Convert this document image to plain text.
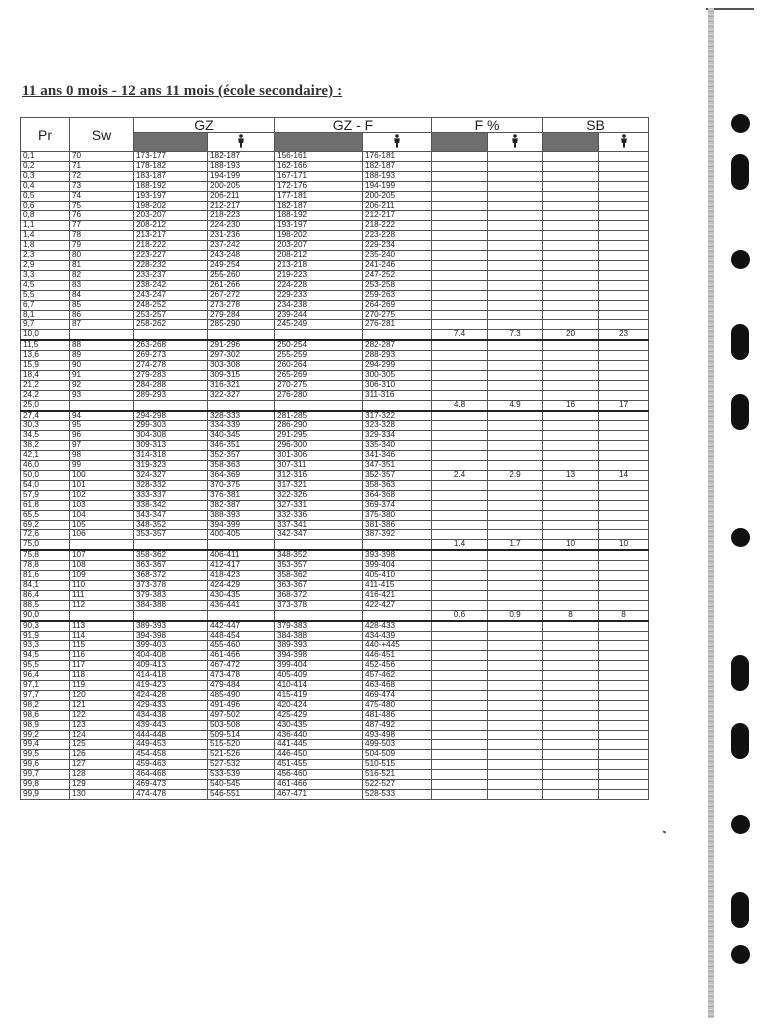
11 ans 0 mois - 12 ans 11 mois (école secondaire) :
Pr	Sw	GZ		GZ - F		F %		SB	

0,1	70	173-177	182-187	156-161	176-181				
0,2	71	178-182	188-193	162-166	182-187				
0,3	72	183-187	194-199	167-171	188-193				
0,4	73	188-192	200-205	172-176	194-199				
0,5	74	193-197	206-211	177-181	200-205				
0,6	75	198-202	212-217	182-187	206-211				
0,8	76	203-207	218-223	188-192	212-217				
1,1	77	208-212	224-230	193-197	218-222				
1,4	78	213-217	231-236	198-202	223-228				
1,8	79	218-222	237-242	203-207	229-234				
2,3	80	223-227	243-248	208-212	235-240				
2,9	81	228-232	249-254	213-218	241-246				
3,3	82	233-237	255-260	219-223	247-252				
4,5	83	238-242	261-266	224-228	253-258				
5,5	84	243-247	267-272	229-233	259-263				
6,7	85	248-252	273-278	234-238	264-269				
8,1	86	253-257	279-284	239-244	270-275				
9,7	87	258-262	285-290	245-249	276-281				
10,0						7.4	7.3	20	23
11,5	88	263-268	291-296	250-254	282-287				
13,6	89	269-273	297-302	255-259	288-293				
15,9	90	274-278	303-308	260-264	294-299				
18,4	91	279-283	309-315	265-269	300-305				
21,2	92	284-288	316-321	270-275	306-310				
24,2	93	289-293	322-327	276-280	311-316				
25,0						4.8	4.9	16	17
27,4	94	294-298	328-333	281-285	317-322				
30,3	95	299-303	334-339	286-290	323-328				
34,5	96	304-308	340-345	291-295	329-334				
38,2	97	309-313	346-351	296-300	335-340				
42,1	98	314-318	352-357	301-306	341-346				
46,0	99	319-323	358-363	307-311	347-351				
50,0	100	324-327	364-369	312-316	352-357	2.4	2.9	13	14
54,0	101	328-332	370-375	317-321	358-363				
57,9	102	333-337	376-381	322-326	364-368				
61,8	103	338-342	382-387	327-331	369-374				
65,5	104	343-347	388-393	332-336	375-380				
69,2	105	348-352	394-399	337-341	381-386				
72,6	106	353-357	400-405	342-347	387-392				
75,0						1.4	1.7	10	10
75,8	107	358-362	406-411	348-352	393-398				
78,8	108	363-367	412-417	353-357	399-404				
81,6	109	368-372	418-423	358-362	405-410				
84,1	110	373-378	424-429	363-367	411-415				
86,4	111	379-383	430-435	368-372	416-421				
88,5	112	384-388	436-441	373-378	422-427				
90,0						0.6	0.9	8	8
90,3	113	389-393	442-447	379-383	428-433				
91,9	114	394-398	448-454	384-388	434-439				
93,3	115	399-403	455-460	389-393	440-+445				
94,5	116	404-408	461-466	394-398	446-451				
95,5	117	409-413	467-472	399-404	452-456				
96,4	118	414-418	473-478	405-409	457-462				
97,1	119	419-423	479-484	410-414	463-468				
97,7	120	424-428	485-490	415-419	469-474				
98,2	121	429-433	491-496	420-424	475-480				
98,6	122	434-438	497-502	425-429	481-486				
98,9	123	439-443	503-508	430-435	487-492				
99,2	124	444-448	509-514	436-440	493-498				
99,4	125	449-453	515-520	441-445	499-503				
99,5	126	454-458	521-526	446-450	504-509				
99,6	127	459-463	527-532	451-455	510-515				
99,7	128	464-468	533-539	456-460	516-521				
99,8	129	469-473	540-545	461-466	522-527				
99,9	130	474-478	546-551	467-471	528-533				
